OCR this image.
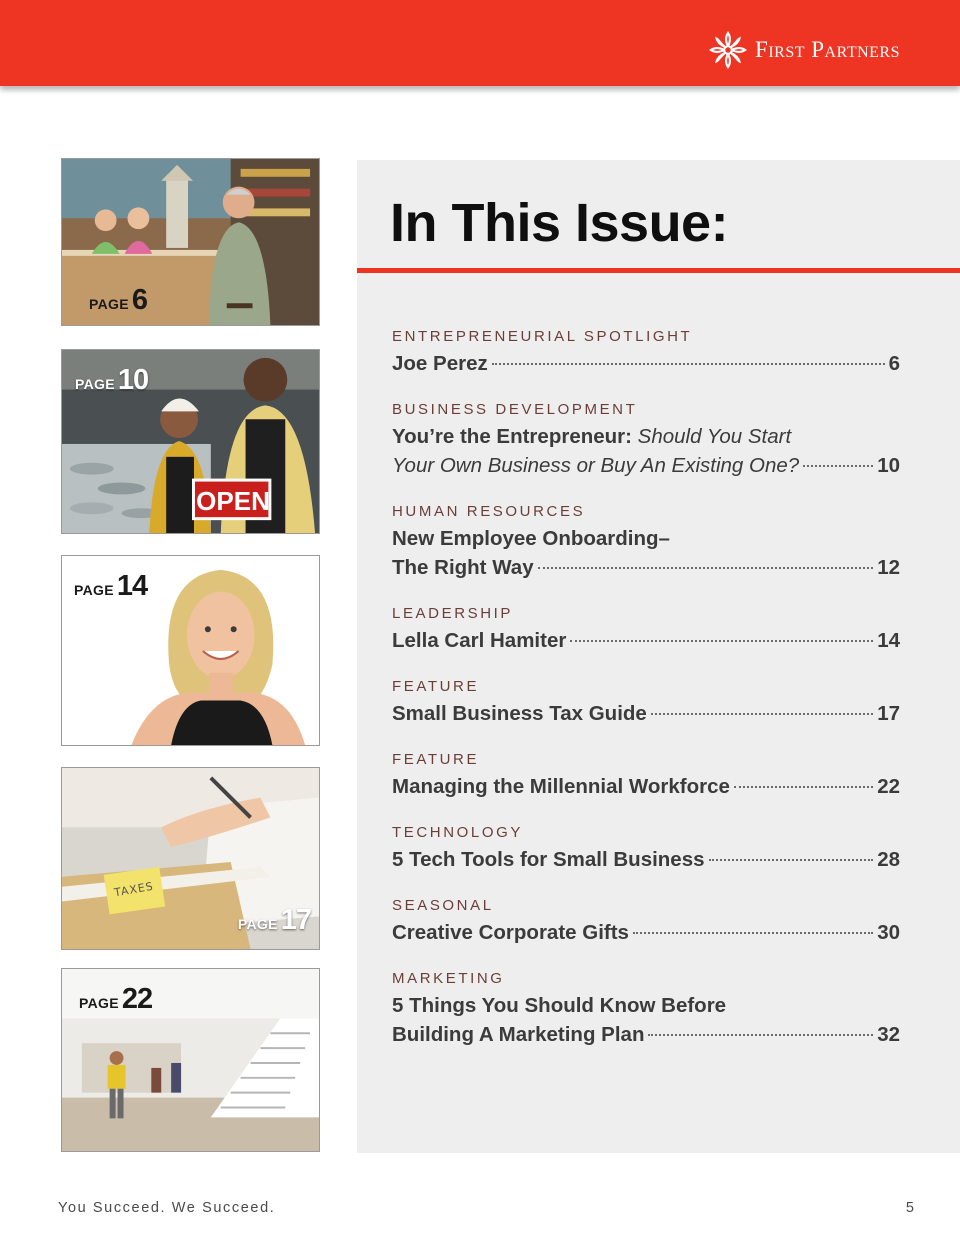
First Partners
PAGE 6
OPEN
PAGE 10
PAGE 14
TAXES
PAGE 17
PAGE 22
In This Issue:
ENTREPRENEURIAL SPOTLIGHT
Joe Perez	6
BUSINESS DEVELOPMENT
You’re the Entrepreneur:
Should You Start
Your Own Business or Buy An Existing One?	10
HUMAN RESOURCES
New Employee Onboarding–
The Right Way	12
LEADERSHIP
Lella Carl Hamiter	14
FEATURE
Small Business Tax Guide	17
FEATURE
Managing the Millennial Workforce	22
TECHNOLOGY
5 Tech Tools for Small Business	28
SEASONAL
Creative Corporate Gifts	30
MARKETING
5 Things You Should Know Before
Building A Marketing Plan	32
You Succeed. We Succeed.	5
